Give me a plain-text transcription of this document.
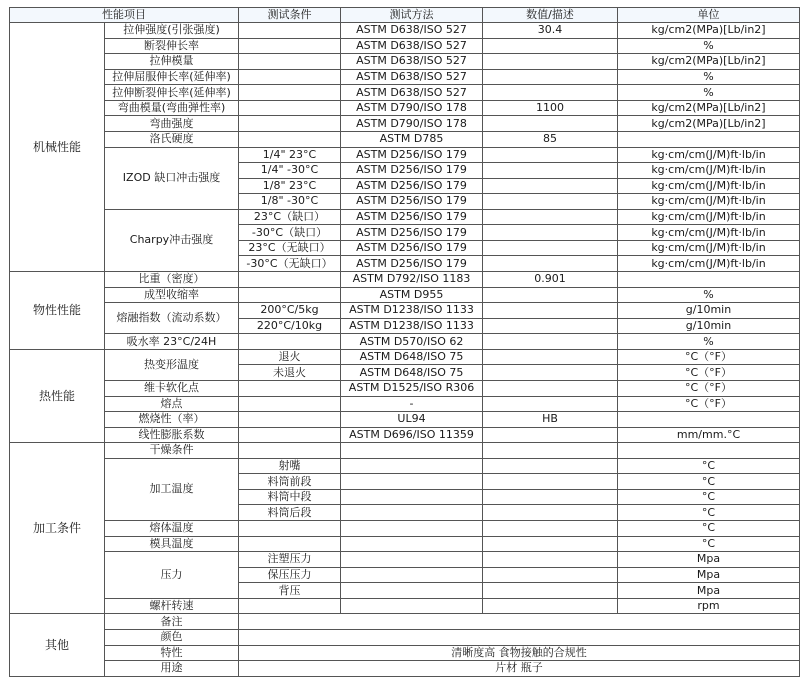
性能项目		测试条件	测试方法	数值/描述	单位
机械性能	拉伸强度(引张强度)		ASTM D638/ISO 527	30.4	kg/cm2(MPa)[Lb/in2]
	断裂伸长率		ASTM D638/ISO 527		%
	拉伸模量		ASTM D638/ISO 527		kg/cm2(MPa)[Lb/in2]
	拉伸屈服伸长率(延伸率)		ASTM D638/ISO 527		%
	拉伸断裂伸长率(延伸率)		ASTM D638/ISO 527		%
	弯曲模量(弯曲弹性率)		ASTM D790/ISO 178	1100	kg/cm2(MPa)[Lb/in2]
	弯曲强度		ASTM D790/ISO 178		kg/cm2(MPa)[Lb/in2]
	洛氏硬度		ASTM D785	85	
	IZOD 缺口冲击强度	1/4" 23°C	ASTM D256/ISO 179		kg·cm/cm(J/M)ft·lb/in
		1/4" -30°C	ASTM D256/ISO 179		kg·cm/cm(J/M)ft·lb/in
		1/8" 23°C	ASTM D256/ISO 179		kg·cm/cm(J/M)ft·lb/in
		1/8" -30°C	ASTM D256/ISO 179		kg·cm/cm(J/M)ft·lb/in
	Charpy冲击强度	23°C（缺口）	ASTM D256/ISO 179		kg·cm/cm(J/M)ft·lb/in
		-30°C（缺口）	ASTM D256/ISO 179		kg·cm/cm(J/M)ft·lb/in
		23°C（无缺口）	ASTM D256/ISO 179		kg·cm/cm(J/M)ft·lb/in
		-30°C（无缺口）	ASTM D256/ISO 179		kg·cm/cm(J/M)ft·lb/in
物性性能	比重（密度）		ASTM D792/ISO 1183	0.901	
	成型收缩率		ASTM D955		%
	熔融指数（流动系数）	200°C/5kg	ASTM D1238/ISO 1133		g/10min
		220°C/10kg	ASTM D1238/ISO 1133		g/10min
	吸水率 23°C/24H		ASTM D570/ISO 62		%
热性能	热变形温度	退火	ASTM D648/ISO 75		°C（°F）
		未退火	ASTM D648/ISO 75		°C（°F）
	维卡软化点		ASTM D1525/ISO R306		°C（°F）
	熔点		-		°C（°F）
	燃烧性（率）		UL94	HB	
	线性膨胀系数		ASTM D696/ISO 11359		mm/mm.°C
加工条件	干燥条件				
	加工温度	射嘴			°C
		料筒前段			°C
		料筒中段			°C
		料筒后段			°C
	熔体温度				°C
	模具温度				°C
	压力	注塑压力			Mpa
		保压压力			Mpa
		背压			Mpa
	螺杆转速				rpm
其他	备注				
	颜色				
	特性	清晰度高 食物接触的合规性			
	用途	片材 瓶子			
